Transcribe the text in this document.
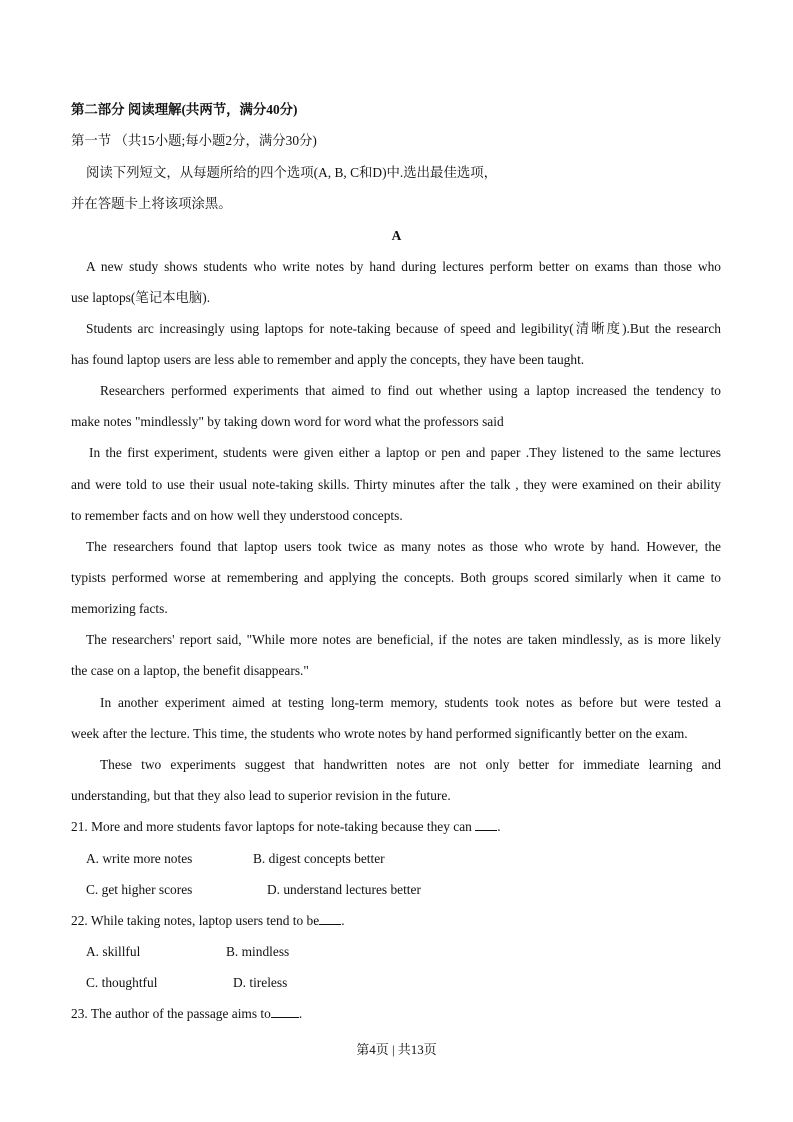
第二部分 阅读理解(共两节，满分40分)
第一节 （共15小题;每小题2分，满分30分)
阅读下列短文，从每题所给的四个选项(A, B, C和D)中.选出最佳选项，
并在答题卡上将该项涂黑。
A
A new study shows students who write notes by hand during lectures perform better on exams than those who
use laptops(笔记本电脑).
Students arc increasingly using laptops for note-taking because of speed and legibility(清晰度).But the research
has found laptop users are less able to remember and apply the concepts, they have been taught.
Researchers performed experiments that aimed to find out whether using a laptop increased the tendency to
make notes "mindlessly" by taking down word for word what the professors said
In the first experiment, students were given either a laptop or pen and paper .They listened to the same lectures
and were told to use their usual note-taking skills. Thirty minutes after the talk , they were examined on their ability
to remember facts and on how well they understood concepts.
The researchers found that laptop users took twice as many notes as those who wrote by hand. However, the
typists performed worse at remembering and applying the concepts. Both groups scored similarly when it came to
memorizing facts.
The researchers' report said, "While more notes are beneficial, if the notes are taken mindlessly, as is more likely
the case on a laptop, the benefit disappears."
In another experiment aimed at testing long-term memory, students took notes as before but were tested a
week after the lecture. This time, the students who wrote notes by hand performed significantly better on the exam.
These two experiments suggest that handwritten notes are not only better for immediate learning and
understanding, but that they also lead to superior revision in the future.
21. More and more students favor laptops for note-taking because they can .
A. write more notes	B. digest concepts better
C. get higher scores	D. understand lectures better
22. While taking notes, laptop users tend to be .
A. skillful	B. mindless
C. thoughtful	D. tireless
23. The author of the passage aims to .
第4页 | 共13页
